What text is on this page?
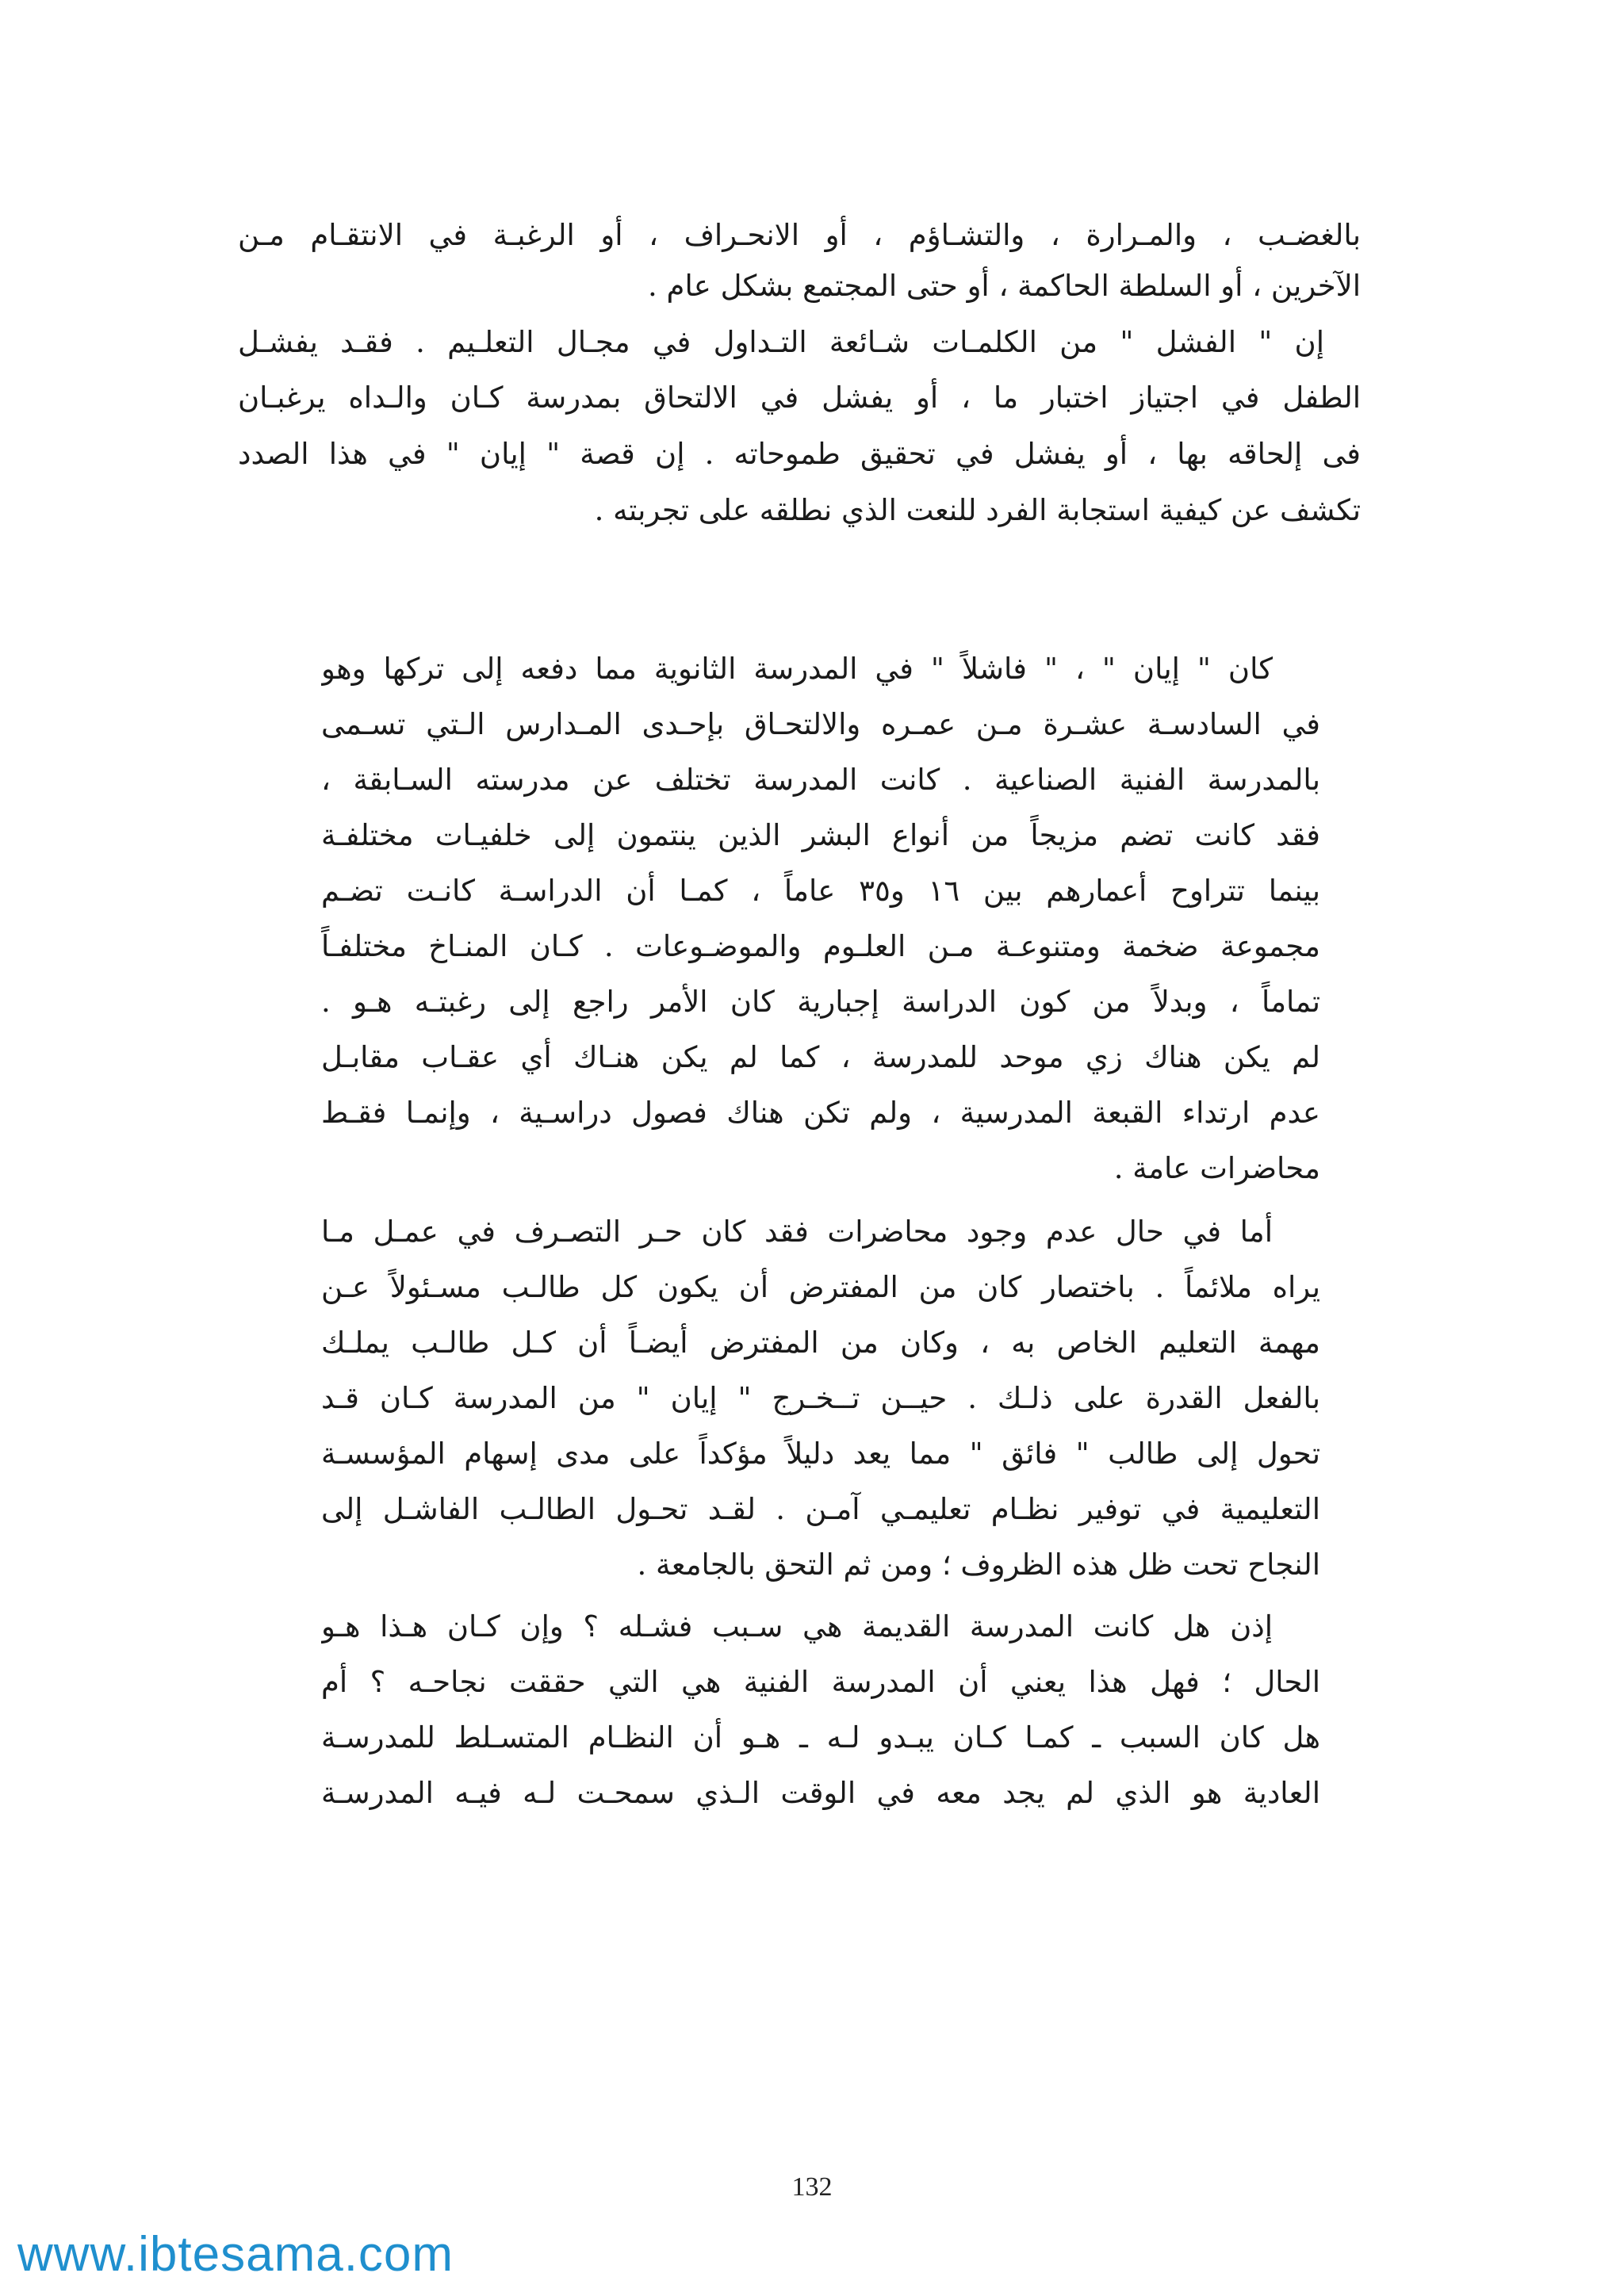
بالغضـب ، والمـرارة ، والتشـاؤم ، أو الانحـراف ، أو الرغبـة في الانتقـام مـن
الآخرين ، أو السلطة الحاكمة ، أو حتى المجتمع بشكل عام .
إن " الفشل " من الكلمـات شـائعة التـداول في مجـال التعلـيم . فقـد يفشـل
الطفل في اجتياز اختبار ما ، أو يفشل في الالتحاق بمدرسة كـان والـداه يرغبـان
فى إلحاقه بها ، أو يفشل في تحقيق طموحاته . إن قصة " إيان " في هذا الصدد
تكشف عن كيفية استجابة الفرد للنعت الذي نطلقه على تجربته .
كان " إيان " ، " فاشلاً " في المدرسة الثانوية مما دفعه إلى تركها وهو
في السادسـة عشـرة مـن عمـره والالتحـاق بإحـدى المـدارس الـتي تسـمى
بالمدرسة الفنية الصناعية . كانت المدرسة تختلف عن مدرسته السـابقة ،
فقد كانت تضم مزيجاً من أنواع البشر الذين ينتمون إلى خلفيـات مختلفـة
بينما تتراوح أعمارهم بين ١٦ و٣٥ عاماً ، كمـا أن الدراسـة كانـت تضـم
مجموعة ضخمة ومتنوعـة مـن العلـوم والموضـوعات . كـان المنـاخ مختلفـاً
تماماً ، وبدلاً من كون الدراسة إجبارية كان الأمر راجع إلى رغبتـه هـو .
لم يكن هناك زي موحد للمدرسة ، كما لم يكن هنـاك أي عقـاب مقابـل
عدم ارتداء القبعة المدرسية ، ولم تكن هناك فصول دراسـية ، وإنمـا فقـط
محاضرات عامة .
أما في حال عدم وجود محاضرات فقد كان حـر التصـرف في عمـل مـا
يراه ملائماً . باختصار كان من المفترض أن يكون كل طالـب مسـئولاً عـن
مهمة التعليم الخاص به ، وكان من المفترض أيضـاً أن كـل طالـب يملـك
بالفعل القدرة على ذلـك . حيــن تــخـرج " إيان " من المدرسة كـان قـد
تحول إلى طالب " فائق " مما يعد دليلاً مؤكداً على مدى إسهام المؤسسـة
التعليمية في توفير نظـام تعليمـي آمـن . لقـد تحـول الطالـب الفاشـل إلى
النجاح تحت ظل هذه الظروف ؛ ومن ثم التحق بالجامعة .
إذن هل كانت المدرسة القديمة هي سـبب فشـله ؟ وإن كـان هـذا هـو
الحال ؛ فهل هذا يعني أن المدرسة الفنية هي التي حققت نجاحـه ؟ أم
هل كان السبب ـ كمـا كـان يبـدو لـه ـ هـو أن النظـام المتسـلط للمدرسـة
العادية هو الذي لم يجد معه في الوقت الـذي سمحـت لـه فيـه المدرسـة
132
www.ibtesama.com
